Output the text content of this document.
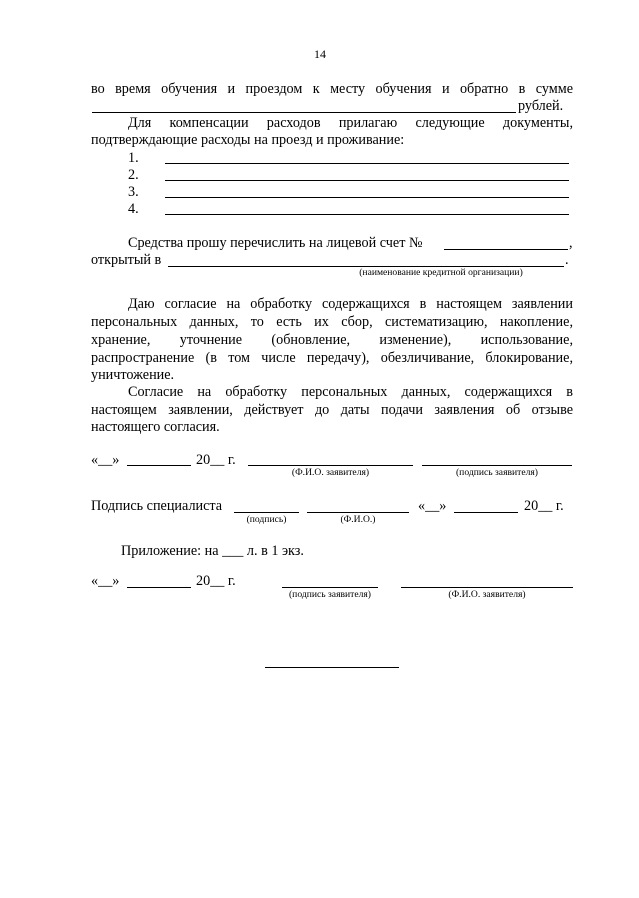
14
во время обучения и проездом к месту обучения и обратно в сумме
рублей.
Для компенсации расходов прилагаю следующие документы,
подтверждающие расходы на проезд и проживание:
1.
2.
3.
4.
Средства прошу перечислить на лицевой счет №	,
открытый в	.
(наименование кредитной организации)
Даю согласие на обработку содержащихся в настоящем заявлении
персональных данных, то есть их сбор, систематизацию, накопление,
хранение, уточнение (обновление, изменение), использование,
распространение (в том числе передачу), обезличивание, блокирование,
уничтожение.
Согласие на обработку персональных данных, содержащихся в
настоящем заявлении, действует до даты подачи заявления об отзыве
настоящего согласия.
«__»	20__ г.
(Ф.И.О. заявителя)	(подпись заявителя)
Подпись специалиста
(подпись)	(Ф.И.О.)
«__»	20__ г.
Приложение: на ___ л. в 1 экз.
«__»	20__ г.
(подпись заявителя)	(Ф.И.О. заявителя)
